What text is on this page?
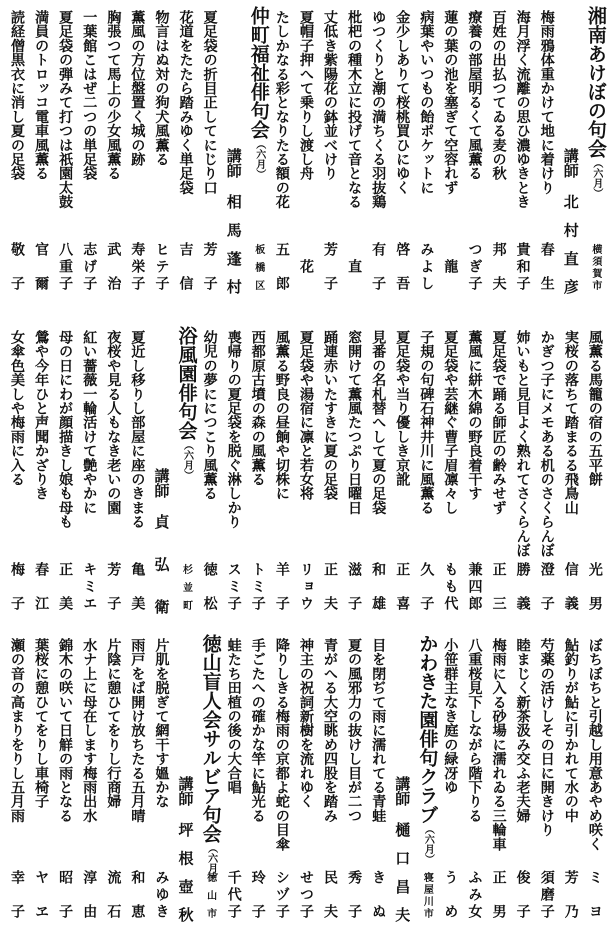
湘南あけぼの句会（六月）
横須賀市
講師
北村直彦
梅雨鴉体重かけて地に着けり
春生
海月浮く流離の思ひ濃ゆきとき
貴和子
百姓の出払つてゐる麦の秋
邦夫
療養の部屋明るくて風薫る
つぎ子
蓮の葉の池を塞ぎて空容れず
龍
病葉やいつもの飴ポケットに
みよし
金少しありて桜桃買ひにゆく
啓吾
ゆつくりと潮の満ちくる羽抜鶏
有子
枇杷の種木立に投げて音となる
直
丈低き紫陽花の鉢並べけり
芳子
夏帽子押へて乗りし渡し舟
花
たしかなる彩となりたる額の花
五郎
仲町福祉俳句会（六月）
板橋区
講師
相馬蓬村
夏足袋の折目正してにじり口
芳子
花道をたたら踏みゆく単足袋
吉信
物言はぬ対の狗犬風薫る
ヒテ子
薫風の方位盤置く城の跡
寿栄子
胸張つて馬上の少女風薫る
武治
一葉館こはぜ二つの単足袋
志げ子
夏足袋の弾みて打つは祇園太鼓
八重子
満員のトロッコ電車風薫る
官爾
読経僧黒衣に消し夏の足袋
敬子
風薫る馬籠の宿の五平餅
光男
実桜の落ちて踏まるる飛鳥山
信義
かぎつ子にメモある机のさくらんぼ
澄子
姉いもと見目よく熟れてさくらんぼ
勝義
夏足袋で踊る師匠の齢みせず
正三
薫風に絣木綿の野良着干す
兼四郎
夏足袋や芸継ぐ曹子眉凛々し
もも代
子規の句碑石神井川に風薫る
久子
夏足袋や当り優しき京訛
正喜
見番の名札替へして夏の足袋
和雄
窓開けて薫風たつぷり日曜日
滋子
踊連赤いたすきに夏の足袋
正夫
夏足袋や湯宿に凛と若女将
リョウ
風薫る野良の昼餉や切株に
羊子
西都原古墳の森の風薫る
トミ子
喪帰りの夏足袋を脱ぐ淋しかり
スミ子
幼児の夢ににつこり風薫る
徳松
浴風園俳句会（六月）
杉並町
講師
貞弘衛
夏近し移りし部屋に座のきまる
亀美
夜桜や見る人もなき老いの園
芳子
紅い薔薇一輪活けて艶やかに
キミエ
母の日にわが顔描きし娘も母も
正美
鶯や今年ひと声聞かざりき
春江
女傘色美しや梅雨に入る
梅子
ぼちぼちと引越し用意あやめ咲く
ミヨ
鮎釣りが鮎に引かれて水の中
芳乃
芍薬の活けしその日に開きけり
須磨子
睦まじく新茶汲み交ふ老夫婦
俊子
梅雨に入る砂場に濡れゐる三輪車
正男
八重桜見下しながら階下りる
ふみ女
小笹群主なき庭の緑冴ゆ
うめ
かわきた園俳句クラブ（六月）
寝屋川市
講師
樋口昌夫
目を閉ぢて雨に濡れてる青蛙
きぬ
夏の風邪力の抜けし目が二つ
秀子
青がへる大空眺め四股を踏み
民夫
神主の祝詞新樹を流れゆく
せつ子
降りしきる梅雨の京都よ蛇の目傘
シヅ子
手ごたへの確かな竿に鮎光る
玲子
蛙たち田植の後の大合唱
千代子
徳山盲人会サルビア句会（六月）
徳山市
講師
坪根壺秋
片肌を脱ぎて網干す媼かな
みゆき
雨戸をば開け放ちたる五月晴
和恵
片陰に憩ひてをりし行商婦
流石
水ナ上に母在します梅雨出水
淳由
錦木の咲いて日觧の雨となる
昭子
葉桜に憩ひてをりし車椅子
ヤヱ
瀬の音の高まりをりし五月雨
幸子
